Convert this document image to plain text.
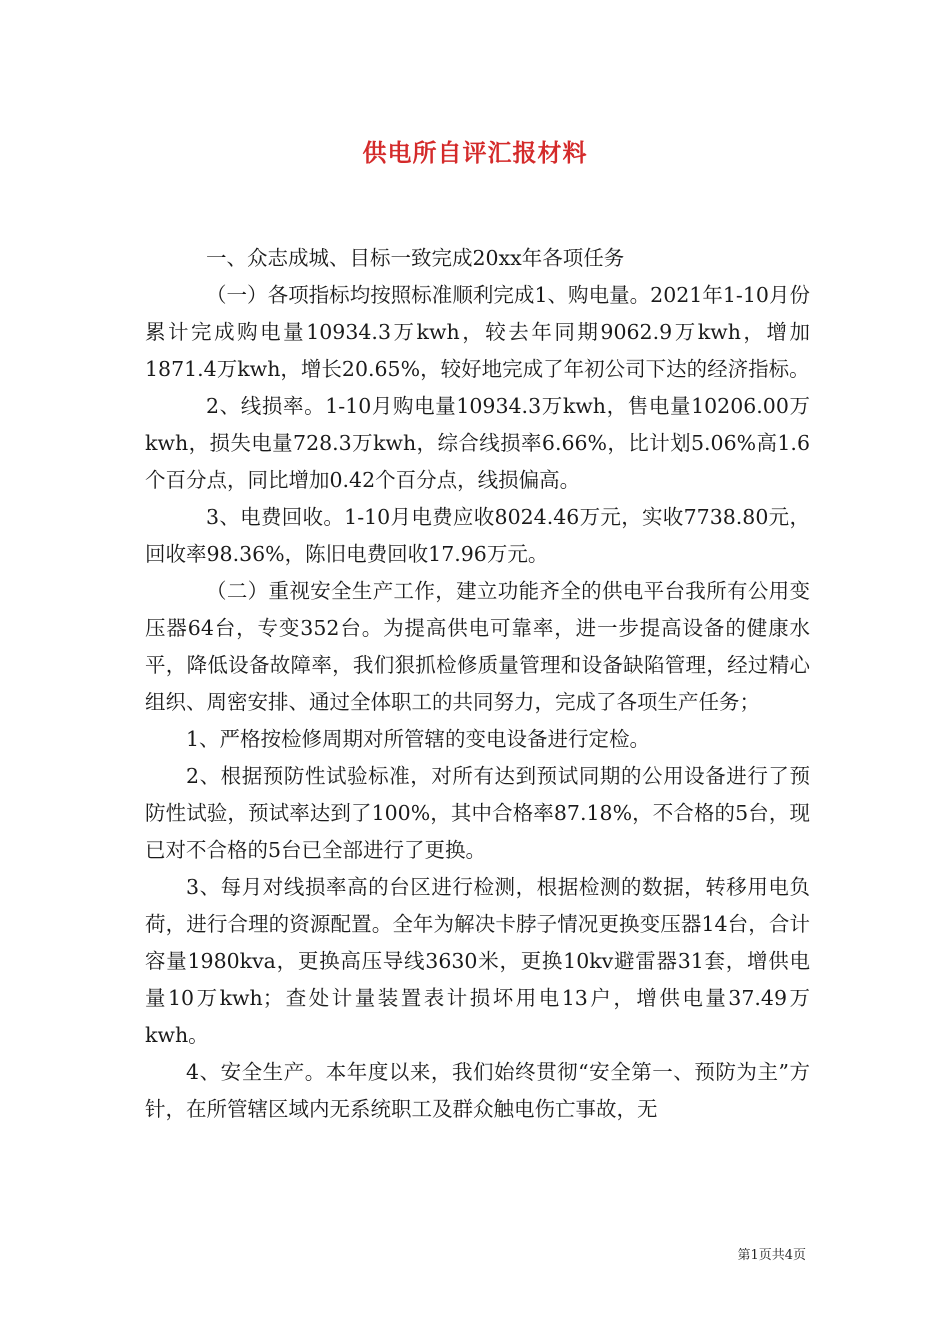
供电所自评汇报材料

一、众志成城、目标一致完成20xx年各项任务

（一）各项指标均按照标准顺利完成1、购电量。2021年1-10月份累计完成购电量10934.3万kwh，较去年同期9062.9万kwh，增加1871.4万kwh，增长20.65%，较好地完成了年初公司下达的经济指标。

2、线损率。1-10月购电量10934.3万kwh，售电量10206.00万kwh，损失电量728.3万kwh，综合线损率6.66%，比计划5.06%高1.6个百分点，同比增加0.42个百分点，线损偏高。

3、电费回收。1-10月电费应收8024.46万元，实收7738.80元，回收率98.36%，陈旧电费回收17.96万元。

（二）重视安全生产工作，建立功能齐全的供电平台我所有公用变压器64台，专变352台。为提高供电可靠率，进一步提高设备的健康水平，降低设备故障率，我们狠抓检修质量管理和设备缺陷管理，经过精心组织、周密安排、通过全体职工的共同努力，完成了各项生产任务；

1、严格按检修周期对所管辖的变电设备进行定检。

2、根据预防性试验标准，对所有达到预试同期的公用设备进行了预防性试验，预试率达到了100%，其中合格率87.18%，不合格的5台，现已对不合格的5台已全部进行了更换。

3、每月对线损率高的台区进行检测，根据检测的数据，转移用电负荷，进行合理的资源配置。全年为解决卡脖子情况更换变压器14台，合计容量1980kva，更换高压导线3630米，更换10kv避雷器31套，增供电量10万kwh；查处计量装置表计损坏用电13户，增供电量37.49万kwh。

4、安全生产。本年度以来，我们始终贯彻“安全第一、预防为主”方针，在所管辖区域内无系统职工及群众触电伤亡事故，无

第1页共4页
